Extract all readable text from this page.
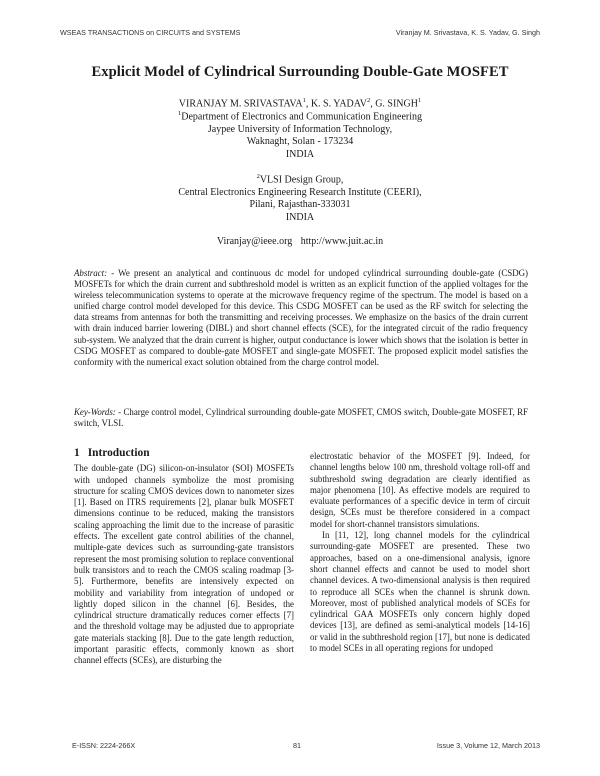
WSEAS TRANSACTIONS on CIRCUITS and SYSTEMS	Viranjay M. Srivastava, K. S. Yadav, G. Singh
Explicit Model of Cylindrical Surrounding Double-Gate MOSFET
VIRANJAY M. SRIVASTAVA$^1$, K. S. YADAV$^2$, G. SINGH$^1$
$^1$Department of Electronics and Communication Engineering
Jaypee University of Information Technology,
Waknaght, Solan - 173234
INDIA
$^2$VLSI Design Group,
Central Electronics Engineering Research Institute (CEERI),
Pilani, Rajasthan-333031
INDIA
Viranjay@ieee.org http://www.juit.ac.in
Abstract: - We present an analytical and continuous dc model for undoped cylindrical surrounding double-gate (CSDG) MOSFETs for which the drain current and subthreshold model is written as an explicit function of the applied voltages for the wireless telecommunication systems to operate at the microwave frequency regime of the spectrum. The model is based on a unified charge control model developed for this device. This CSDG MOSFET can be used as the RF switch for selecting the data streams from antennas for both the transmitting and receiving processes. We emphasize on the basics of the drain current with drain induced barrier lowering (DIBL) and short channel effects (SCE), for the integrated circuit of the radio frequency sub-system. We analyzed that the drain current is higher, output conductance is lower which shows that the isolation is better in CSDG MOSFET as compared to double-gate MOSFET and single-gate MOSFET. The proposed explicit model satisfies the conformity with the numerical exact solution obtained from the charge control model.
Key-Words: - Charge control model, Cylindrical surrounding double-gate MOSFET, CMOS switch, Double-gate MOSFET, RF switch, VLSI.
1 Introduction

The double-gate (DG) silicon-on-insulator (SOI) MOSFETs with undoped channels symbolize the most promising structure for scaling CMOS devices down to nanometer sizes [1]. Based on ITRS requirements [2], planar bulk MOSFET dimensions continue to be reduced, making the transistors scaling approaching the limit due to the increase of parasitic effects. The excellent gate control abilities of the channel, multiple-gate devices such as surrounding-gate transistors represent the most promising solution to replace conventional bulk transistors and to reach the CMOS scaling roadmap [3-5]. Furthermore, benefits are intensively expected on mobility and variability from integration of undoped or lightly doped silicon in the channel [6]. Besides, the cylindrical structure dramatically reduces corner effects [7] and the threshold voltage may be adjusted due to appropriate gate materials stacking [8]. Due to the gate length reduction, important parasitic effects, commonly known as short channel effects (SCEs), are disturbing the

electrostatic behavior of the MOSFET [9]. Indeed, for channel lengths below 100 nm, threshold voltage roll-off and subthreshold swing degradation are clearly identified as major phenomena [10]. As effective models are required to evaluate performances of a specific device in term of circuit design, SCEs must be therefore considered in a compact model for short-channel transistors simulations.

In [11, 12], long channel models for the cylindrical surrounding-gate MOSFET are presented. These two approaches, based on a one-dimensional analysis, ignore short channel effects and cannot be used to model short channel devices. A two-dimensional analysis is then required to reproduce all SCEs when the channel is shrunk down. Moreover, most of published analytical models of SCEs for cylindrical GAA MOSFETs only concern highly doped devices [13], are defined as semi-analytical models [14-16] or valid in the subthreshold region [17], but none is dedicated to model SCEs in all operating regions for undoped

E-ISSN: 2224-266X	81	Issue 3, Volume 12, March 2013
